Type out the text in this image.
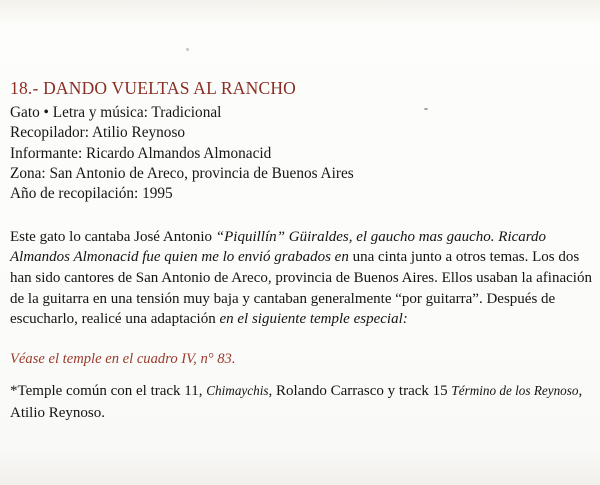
18.- DANDO VUELTAS AL RANCHO
Gato • Letra y música: Tradicional
Recopilador: Atilio Reynoso
Informante: Ricardo Almandos Almonacid
Zona: San Antonio de Areco, provincia de Buenos Aires
Año de recopilación: 1995

Este gato lo cantaba José Antonio “Piquillín” Güiraldes, el gaucho mas gaucho. Ricardo Almandos Almonacid fue quien me lo envió grabados en una cinta junto a otros temas. Los dos han sido cantores de San Antonio de Areco, provincia de Buenos Aires. Ellos usaban la afinación de la guitarra en una tensión muy baja y cantaban generalmente “por guitarra”. Después de escucharlo, realicé una adaptación en el siguiente temple especial:

Véase el temple en el cuadro IV, n° 83.

*Temple común con el track 11, Chimaychis, Rolando Carrasco y track 15 Término de los Reynoso, Atilio Reynoso.
